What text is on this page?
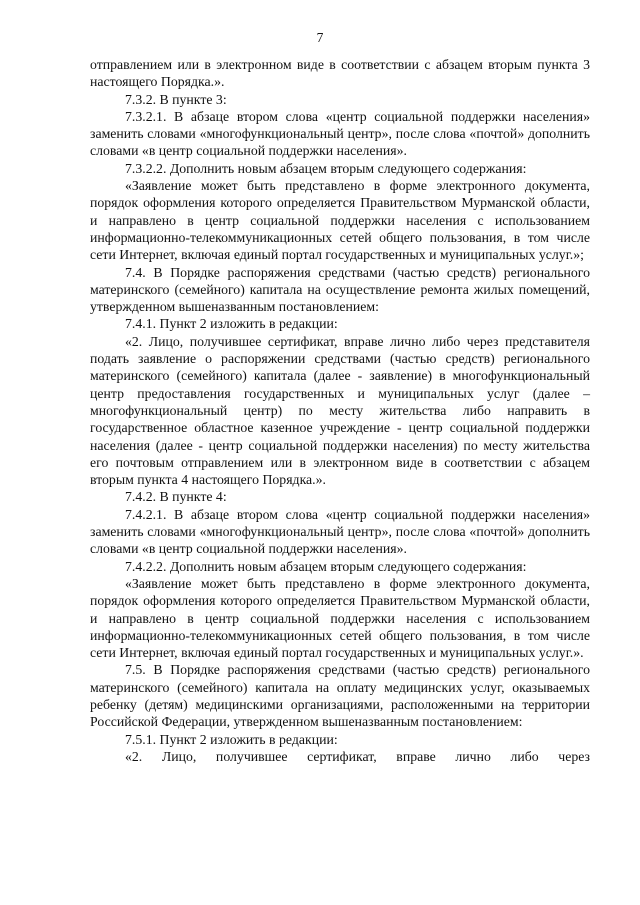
7

отправлением или в электронном виде в соответствии с абзацем вторым пункта 3 настоящего Порядка.».

7.3.2. В пункте 3:

7.3.2.1. В абзаце втором слова «центр социальной поддержки населения» заменить словами «многофункциональный центр», после слова «почтой» дополнить словами «в центр социальной поддержки населения».

7.3.2.2. Дополнить новым абзацем вторым следующего содержания:

«Заявление может быть представлено в форме электронного документа, порядок оформления которого определяется Правительством Мурманской области, и направлено в центр социальной поддержки населения с использованием информационно-телекоммуникационных сетей общего пользования, в том числе сети Интернет, включая единый портал государственных и муниципальных услуг.»;

7.4. В Порядке распоряжения средствами (частью средств) регионального материнского (семейного) капитала на осуществление ремонта жилых помещений, утвержденном вышеназванным постановлением:

7.4.1. Пункт 2 изложить в редакции:

«2. Лицо, получившее сертификат, вправе лично либо через представителя подать заявление о распоряжении средствами (частью средств) регионального материнского (семейного) капитала (далее - заявление) в многофункциональный центр предоставления государственных и муниципальных услуг (далее – многофункциональный центр) по месту жительства либо направить в государственное областное казенное учреждение - центр социальной поддержки населения (далее - центр социальной поддержки населения) по месту жительства его почтовым отправлением или в электронном виде в соответствии с абзацем вторым пункта 4 настоящего Порядка.».

7.4.2. В пункте 4:

7.4.2.1. В абзаце втором слова «центр социальной поддержки населения» заменить словами «многофункциональный центр», после слова «почтой» дополнить словами «в центр социальной поддержки населения».

7.4.2.2. Дополнить новым абзацем вторым следующего содержания:

«Заявление может быть представлено в форме электронного документа, порядок оформления которого определяется Правительством Мурманской области, и направлено в центр социальной поддержки населения с использованием информационно-телекоммуникационных сетей общего пользования, в том числе сети Интернет, включая единый портал государственных и муниципальных услуг.».

7.5. В Порядке распоряжения средствами (частью средств) регионального материнского (семейного) капитала на оплату медицинских услуг, оказываемых ребенку (детям) медицинскими организациями, расположенными на территории Российской Федерации, утвержденном вышеназванным постановлением:

7.5.1. Пункт 2 изложить в редакции:

«2. Лицо, получившее сертификат, вправе лично либо через
